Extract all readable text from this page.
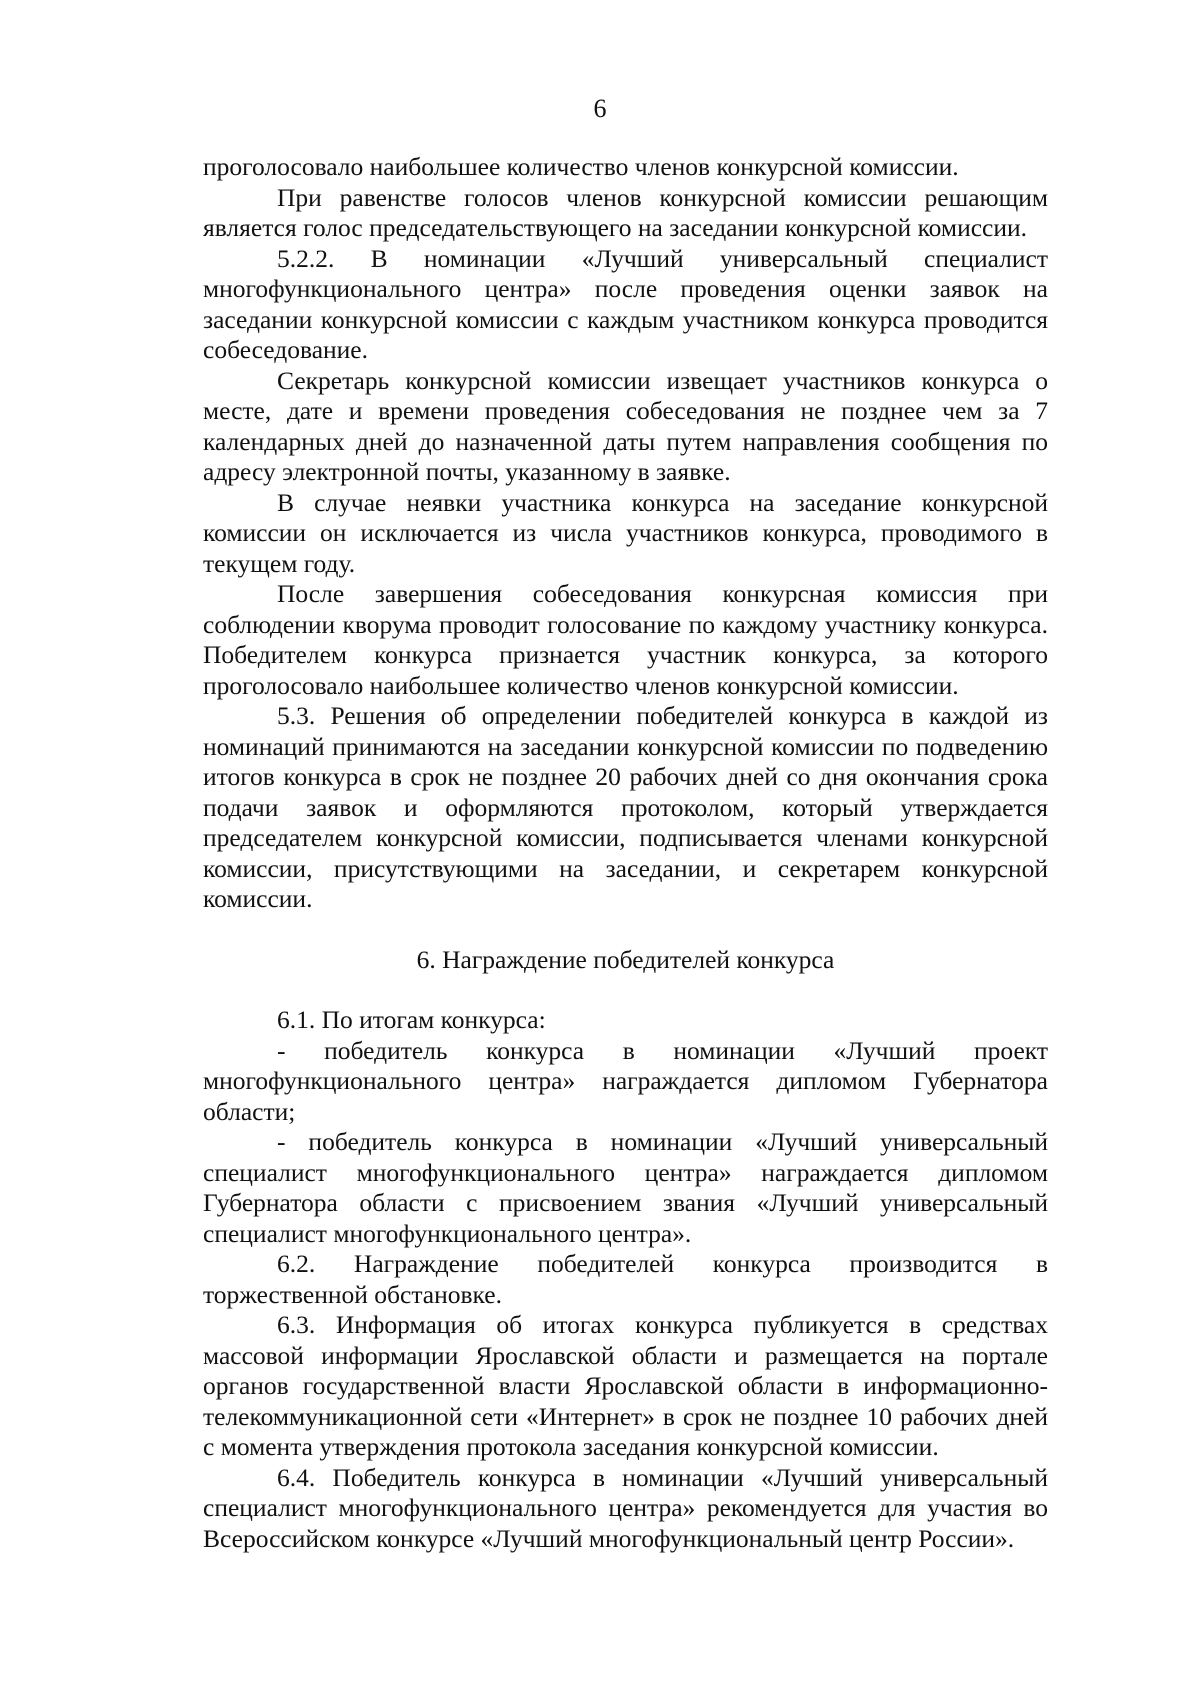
6

проголосовало наибольшее количество членов конкурсной комиссии.

При равенстве голосов членов конкурсной комиссии решающим является голос председательствующего на заседании конкурсной комиссии.

5.2.2. В номинации «Лучший универсальный специалист многофункционального центра» после проведения оценки заявок на заседании конкурсной комиссии с каждым участником конкурса проводится собеседование.

Секретарь конкурсной комиссии извещает участников конкурса о месте, дате и времени проведения собеседования не позднее чем за 7 календарных дней до назначенной даты путем направления сообщения по адресу электронной почты, указанному в заявке.

В случае неявки участника конкурса на заседание конкурсной комиссии он исключается из числа участников конкурса, проводимого в текущем году.

После завершения собеседования конкурсная комиссия при соблюдении кворума проводит голосование по каждому участнику конкурса. Победителем конкурса признается участник конкурса, за которого проголосовало наибольшее количество членов конкурсной комиссии.

5.3. Решения об определении победителей конкурса в каждой из номинаций принимаются на заседании конкурсной комиссии по подведению итогов конкурса в срок не позднее 20 рабочих дней со дня окончания срока подачи заявок и оформляются протоколом, который утверждается председателем конкурсной комиссии, подписывается членами конкурсной комиссии, присутствующими на заседании, и секретарем конкурсной комиссии.

6. Награждение победителей конкурса

6.1. По итогам конкурса:

- победитель конкурса в номинации «Лучший проект многофункционального центра» награждается дипломом Губернатора области;

- победитель конкурса в номинации «Лучший универсальный специалист многофункционального центра» награждается дипломом Губернатора области с присвоением звания «Лучший универсальный специалист многофункционального центра».

6.2. Награждение победителей конкурса производится в торжественной обстановке.

6.3. Информация об итогах конкурса публикуется в средствах массовой информации Ярославской области и размещается на портале органов государственной власти Ярославской области в информационно-телекоммуникационной сети «Интернет» в срок не позднее 10 рабочих дней с момента утверждения протокола заседания конкурсной комиссии.

6.4. Победитель конкурса в номинации «Лучший универсальный специалист многофункционального центра» рекомендуется для участия во Всероссийском конкурсе «Лучший многофункциональный центр России».
